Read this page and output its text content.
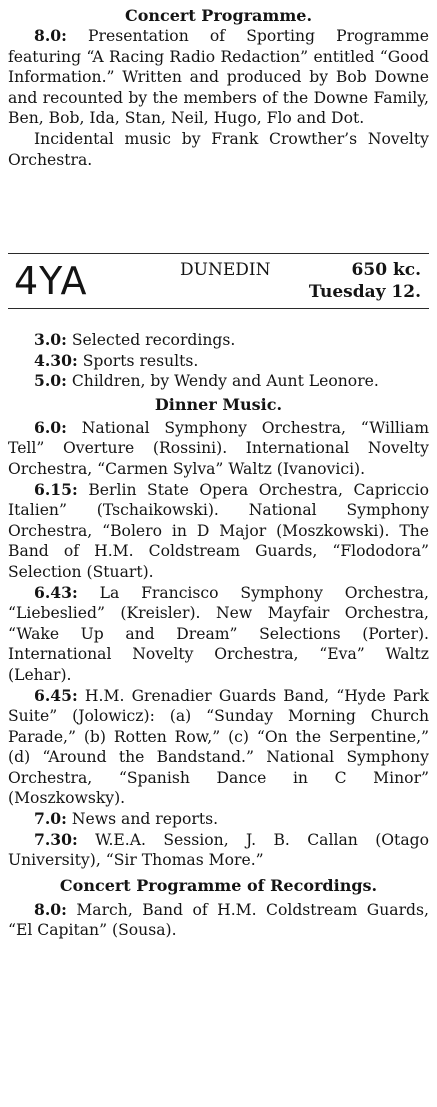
Concert Programme.

8.0: Presentation of Sporting Programme featuring “A Racing Radio Redaction” entitled “Good Information.” Written and produced by Bob Downe and recounted by the members of the Downe Family, Ben, Bob, Ida, Stan, Neil, Hugo, Flo and Dot.

Incidental music by Frank Crowther’s Novelty Orchestra.

4YA	DUNEDIN	650 kc.
Tuesday 12.

3.0: Selected recordings.

4.30: Sports results.

5.0: Children, by Wendy and Aunt Leonore.

Dinner Music.

6.0: National Symphony Orchestra, “William Tell” Overture (Rossini). International Novelty Orchestra, “Carmen Sylva” Waltz (Ivanovici).

6.15: Berlin State Opera Orchestra, Capriccio Italien” (Tschaikowski). National Symphony Orchestra, “Bolero in D Major (Moszkowski). The Band of H.M. Coldstream Guards, “Flododora” Selection (Stuart).

6.43: La Francisco Symphony Orchestra, “Liebeslied” (Kreisler). New Mayfair Orchestra, “Wake Up and Dream” Selections (Porter). International Novelty Orchestra, “Eva” Waltz (Lehar).

6.45: H.M. Grenadier Guards Band, “Hyde Park Suite” (Jolowicz): (a) “Sunday Morning Church Parade,” (b) Rotten Row,” (c) “On the Serpentine,” (d) “Around the Bandstand.” National Symphony Orchestra, “Spanish Dance in C Minor” (Moszkowsky).

7.0: News and reports.

7.30: W.E.A. Session, J. B. Callan (Otago University), “Sir Thomas More.”

Concert Programme of Recordings.

8.0: March, Band of H.M. Coldstream Guards, “El Capitan” (Sousa).
